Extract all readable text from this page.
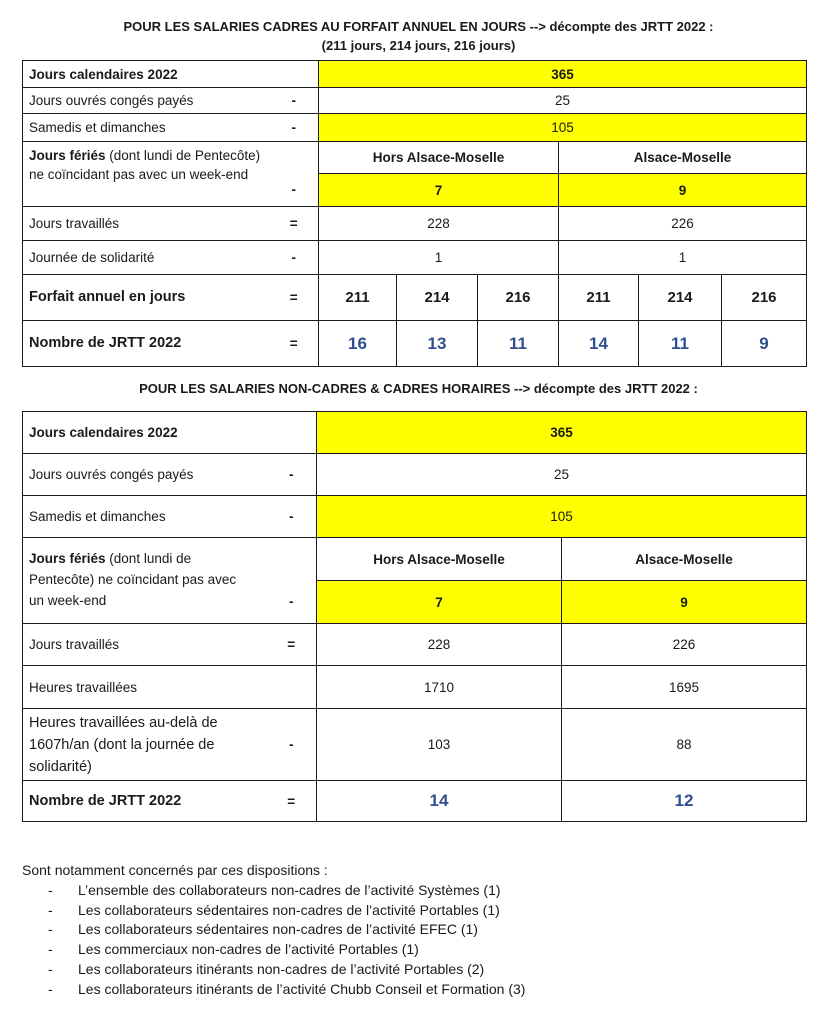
POUR LES SALARIES CADRES AU FORFAIT ANNUEL EN JOURS --> décompte des JRTT 2022 :
(211 jours, 214 jours, 216 jours)
Jours calendaires 2022		365					
Jours ouvrés congés payés	-	25					
Samedis et dimanches	-	105					
Jours fériés (dont lundi de Pentecôte) ne coïncidant pas avec un week-end		Hors Alsace-Moselle			Alsace-Moselle		
	-	7			9		
Jours travaillés	=	228			226		
Journée de solidarité	-	1			1		
Forfait annuel en jours	=	211	214	216	211	214	216
Nombre de JRTT 2022	=	16	13	11	14	11	9
POUR LES SALARIES NON-CADRES & CADRES HORAIRES --> décompte des JRTT 2022 :
Jours calendaires 2022		365	
Jours ouvrés congés payés	-	25	
Samedis et dimanches	-	105	
Jours fériés (dont lundi de Pentecôte) ne coïncidant pas avec un week-end		Hors Alsace-Moselle	Alsace-Moselle
	-	7	9
Jours travaillés	=	228	226
Heures travaillées		1710	1695
Heures travaillées au-delà de 1607h/an (dont la journée de solidarité)	-	103	88
Nombre de JRTT 2022	=	14	12
Sont notamment concernés par ces dispositions :
- L’ensemble des collaborateurs non-cadres de l’activité Systèmes (1)
- Les collaborateurs sédentaires non-cadres de l’activité Portables (1)
- Les collaborateurs sédentaires non-cadres de l’activité EFEC (1)
- Les commerciaux non-cadres de l’activité Portables (1)
- Les collaborateurs itinérants non-cadres de l’activité Portables (2)
- Les collaborateurs itinérants de l’activité Chubb Conseil et Formation (3)
